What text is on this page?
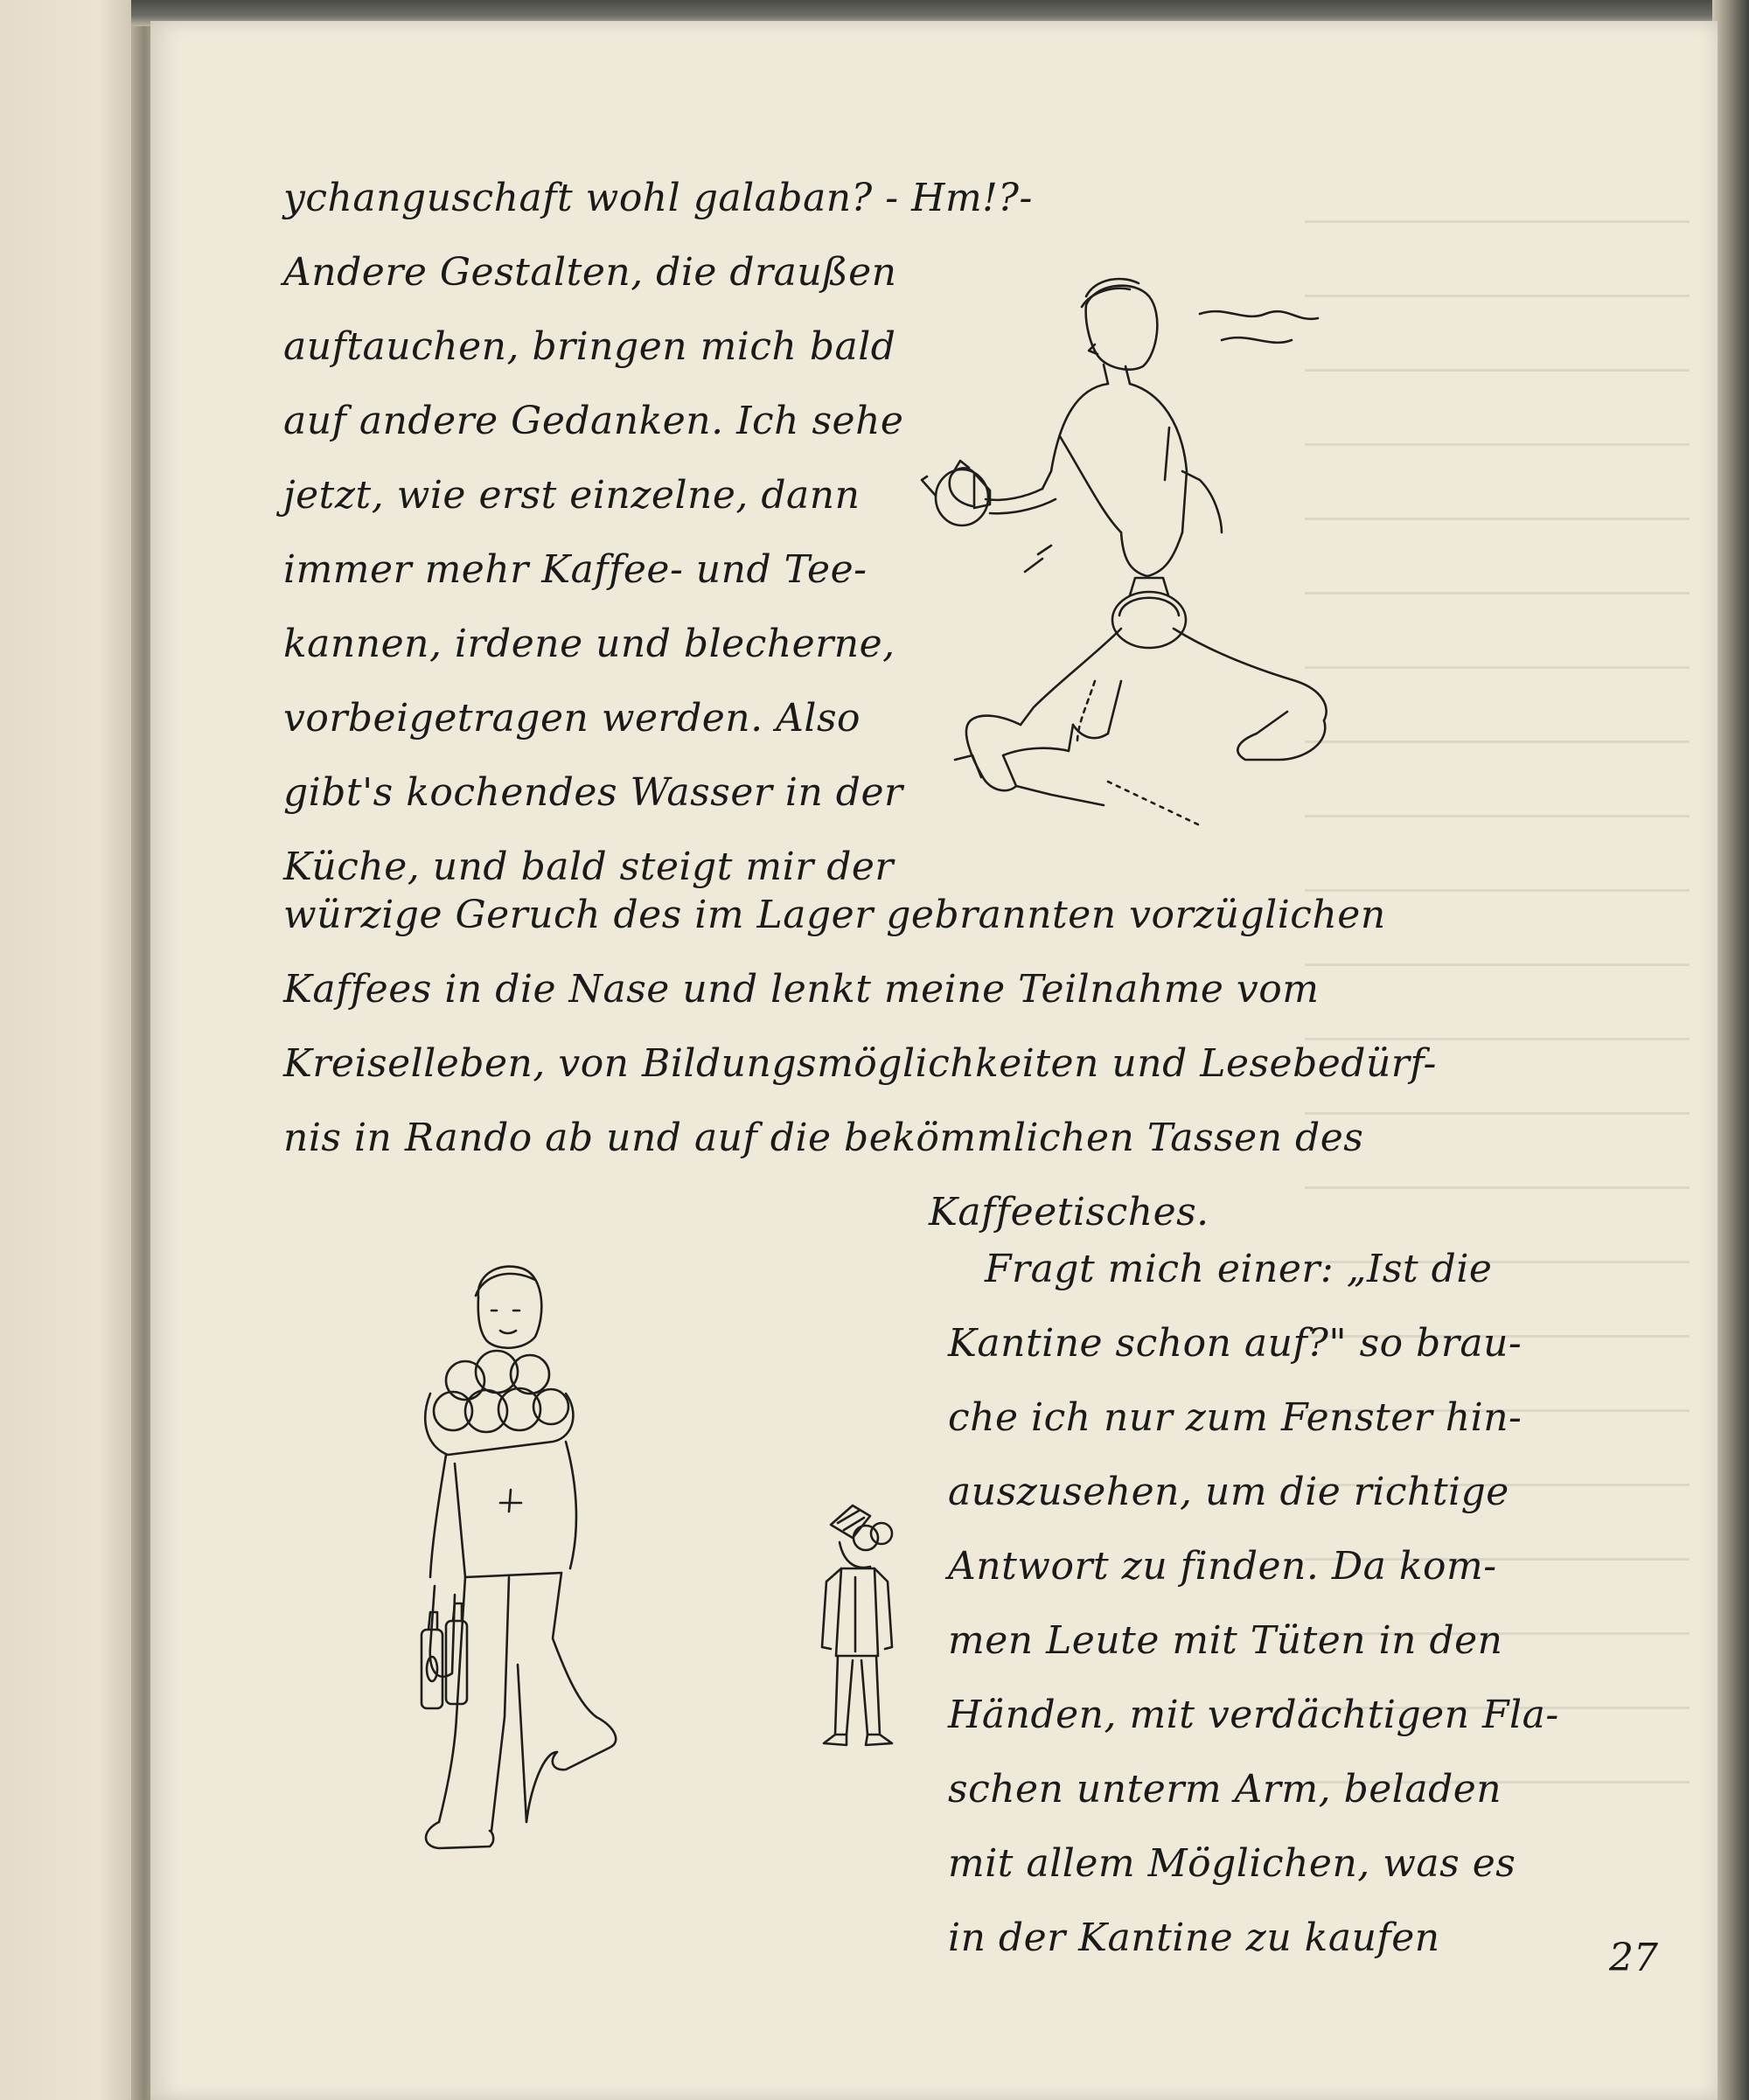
ychanguschaft wohl galaban? - Hm!?-
Andere Gestalten, die draußen
auftauchen, bringen mich bald
auf andere Gedanken. Ich sehe
jetzt, wie erst einzelne, dann
immer mehr Kaffee- und Tee-
kannen, irdene und blecherne,
vorbeigetragen werden. Also
gibt's kochendes Wasser in der
Küche, und bald steigt mir der
würzige Geruch des im Lager gebrannten vorzüglichen
Kaffees in die Nase und lenkt meine Teilnahme vom
Kreiselleben, von Bildungsmöglichkeiten und Lesebedürf-
nis in Rando ab und auf die bekömmlichen Tassen des
Kaffeetisches.
Fragt mich einer: „Ist die
Kantine schon auf?" so brau-
che ich nur zum Fenster hin-
auszusehen, um die richtige
Antwort zu finden. Da kom-
men Leute mit Tüten in den
Händen, mit verdächtigen Fla-
schen unterm Arm, beladen
mit allem Möglichen, was es
in der Kantine zu kaufen	27
